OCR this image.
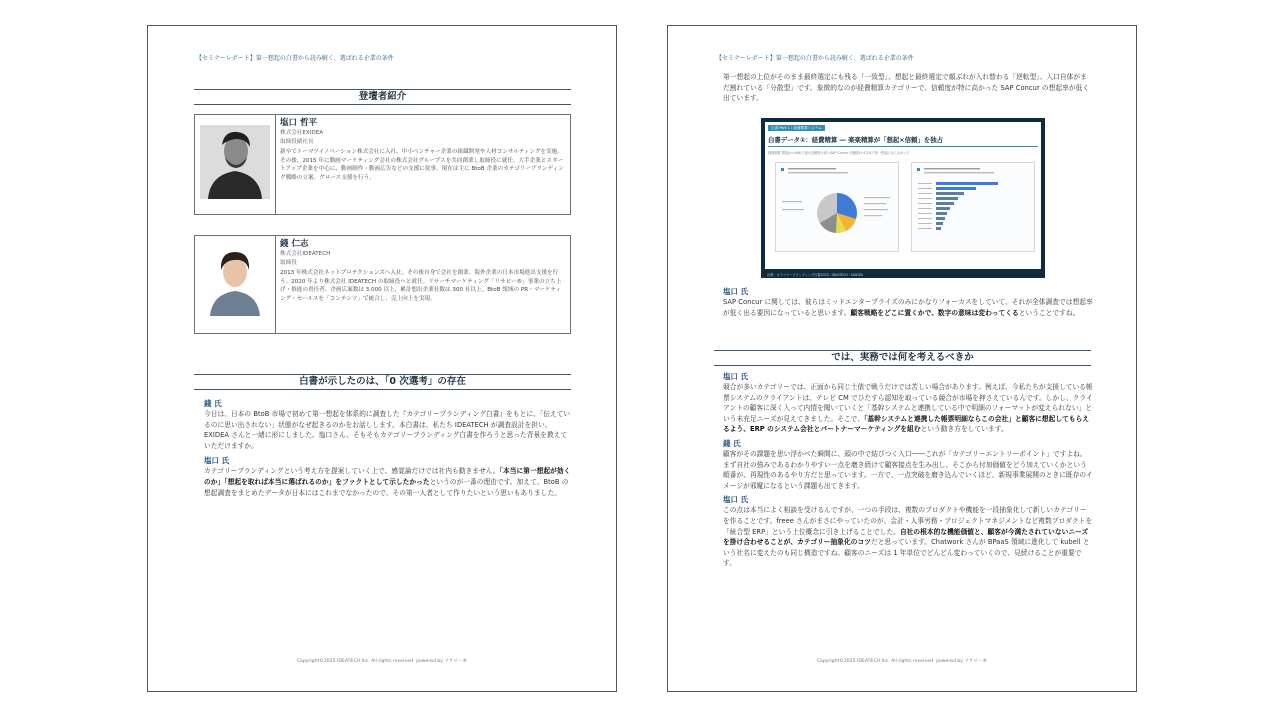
【セミナーレポート】第一想起の白書から読み解く、選ばれる企業の条件
登壇者紹介
塩口 哲平
株式会社EXIDEA
取締役副社長
新卒でトーマツイノベーション株式会社に入社。中小ベンチャー企業の組織開発や人材コンサルティングを実施。その後、2015 年に動画マーケティング会社の株式会社グループスを共同創業し取締役に就任。大手企業とスタートアップ企業を中心に、動画制作・動画広告などの支援に従事。現在は主に BtoB 企業のカテゴリーブランディング戦略の立案、グロース支援を行う。
錢 仁志
株式会社IDEATECH
取締役
2013 年株式会社ネットプロテクションズへ入社。その後自身で会社を創業。海外企業の日本市場進出支援を行う。2020 年より株式会社 IDEATECH の取締役へと就任。リサーチマーケティング「リサピー®」事業の立ち上げ・推進の責任者。企画広案数は 3,000 以上、累計想出企業社数は 300 社以上。BtoB 領域の PR・マーケティング・セールスを「コンテンツ」で統合し、売上向上を実現。
白書が示したのは、「0 次選考」の存在
錢 氏

今日は、日本の BtoB 市場で初めて第一想起を体系的に調査した『カテゴリーブランディング白書』をもとに、「伝えているのに思い出されない」状態がなぜ起きるのかをお話しします。本白書は、私たち IDEATECH が調査設計を担い、EXIDEA さんと一緒に形にしました。塩口さん、そもそもカテゴリーブランディング白書を作ろうと思った背景を教えていただけますか。

塩口 氏

カテゴリーブランディングという考え方を提案していく上で、感覚論だけでは社内も動きません。「本当に第一想起が効くのか」「想起を取れば本当に選ばれるのか」をファクトとして示したかったというのが一番の理由です。加えて、BtoB の想起調査をまとめたデータが日本にはこれまでなかったので、その第一人者として作りたいという思いもありました。

Copyright©2025 IDEATECH Inc. All rights reserved. powered by リサピー®
【セミナーレポート】第一想起の白書から読み解く、選ばれる企業の条件

第一想起の上位がそのまま最終選定にも残る「一致型」、想起と最終選定で顔ぶれが入れ替わる「逆転型」、入口自体がまだ割れている「分散型」です。象徴的なのが経費精算カテゴリーで、信頼度が特に高かった SAP Concur の想起率が低く出ています。

白書 Part 1｜経費精算システム
白書データ①：経費精算 ― 楽楽精算が「想起×信頼」を独占
経費精算 想起(n=406)で最も信頼度の高いSAP Concur 信頼度は 6.2%で第一想起にならなかった
出典：カテゴリーブランディング白書2025／IDEATECH・EXIDEA
塩口 氏

SAP Concur に関しては、彼らはミッドエンタープライズのみにかなりフォーカスをしていて、それが全体調査では想起率が低く出る要因になっていると思います。顧客戦略をどこに置くかで、数字の意味は変わってくるということですね。

では、実務では何を考えるべきか
塩口 氏

競合が多いカテゴリーでは、正面から同じ土俵で戦うだけでは苦しい場合があります。例えば、今私たちが支援している帳票システムのクライアントは、テレビ CM でひたすら認知を取っている競合が市場を押さえているんです。しかし、クライアントの顧客に深く入って内情を聞いていくと「基幹システムと連携している中で明細のフォーマットが変えられない」という未充足ニーズが見えてきました。そこで、「基幹システムと連携した帳票明細ならこの会社」と顧客に想起してもらえるよう、ERP のシステム会社とパートナーマーケティングを組むという動き方をしています。

錢 氏

顧客がその課題を思い浮かべた瞬間に、頭の中で結びつく入口――これが「カテゴリーエントリーポイント」ですよね。まず自社の強みであるわかりやすい一点を磨き続けて顧客接点を生み出し、そこから付加価値をどう加えていくかという順番が、再現性のあるやり方だと思っています。一方で、一点突破を磨き込んでいくほど、新規事業展開のときに既存のイメージが邪魔になるという課題も出てきます。

塩口 氏

この点は本当によく相談を受けるんですが、一つの手段は、複数のプロダクトや機能を一段抽象化して新しいカテゴリーを作ることです。freee さんがまさにやっていたのが、会計・人事労務・プロジェクトマネジメントなど複数プロダクトを「統合型 ERP」という上位概念に引き上げることでした。自社の根本的な機能価値と、顧客が今満たされていないニーズを掛け合わせることが、カテゴリー抽象化のコツだと思っています。Chatwork さんが BPaaS 領域に進化して kubell という社名に変えたのも同じ構造ですね。顧客のニーズは 1 年単位でどんどん変わっていくので、見続けることが重要です。

Copyright©2025 IDEATECH Inc. All rights reserved. powered by リサピー®
